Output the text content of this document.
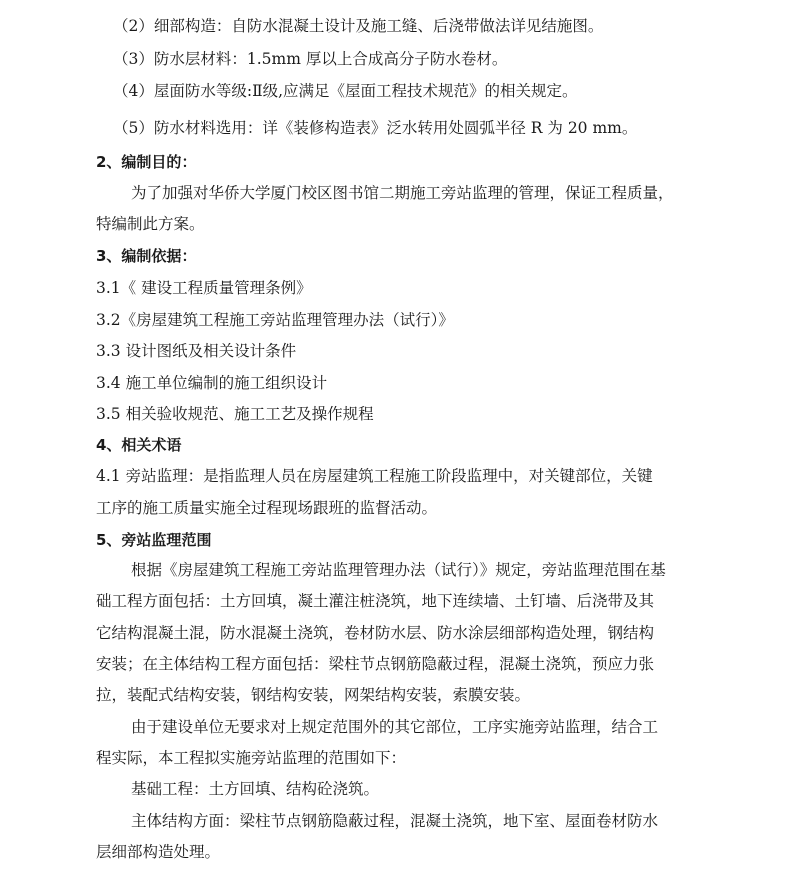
（2）细部构造：自防水混凝土设计及施工缝、后浇带做法详见结施图。
（3）防水层材料：1.5mm 厚以上合成高分子防水卷材。
（4）屋面防水等级:Ⅱ级,应满足《屋面工程技术规范》的相关规定。
（5）防水材料选用：详《装修构造表》泛水转用处圆弧半径 R 为 20 mm。
2、编制目的：
为了加强对华侨大学厦门校区图书馆二期施工旁站监理的管理，保证工程质量，
特编制此方案。
3、编制依据：
3.1《 建设工程质量管理条例》
3.2《房屋建筑工程施工旁站监理管理办法（试行）》
3.3 设计图纸及相关设计条件
3.4 施工单位编制的施工组织设计
3.5 相关验收规范、施工工艺及操作规程
4、相关术语
4.1 旁站监理：是指监理人员在房屋建筑工程施工阶段监理中，对关键部位，关键
工序的施工质量实施全过程现场跟班的监督活动。
5、旁站监理范围
根据《房屋建筑工程施工旁站监理管理办法（试行）》规定，旁站监理范围在基
础工程方面包括：土方回填，凝土灌注桩浇筑，地下连续墙、土钉墙、后浇带及其
它结构混凝土混，防水混凝土浇筑，卷材防水层、防水涂层细部构造处理，钢结构
安装；在主体结构工程方面包括：梁柱节点钢筋隐蔽过程，混凝土浇筑，预应力张
拉，装配式结构安装，钢结构安装，网架结构安装，索膜安装。
由于建设单位无要求对上规定范围外的其它部位，工序实施旁站监理，结合工
程实际，本工程拟实施旁站监理的范围如下：
基础工程：土方回填、结构砼浇筑。
主体结构方面：梁柱节点钢筋隐蔽过程，混凝土浇筑，地下室、屋面卷材防水
层细部构造处理。
